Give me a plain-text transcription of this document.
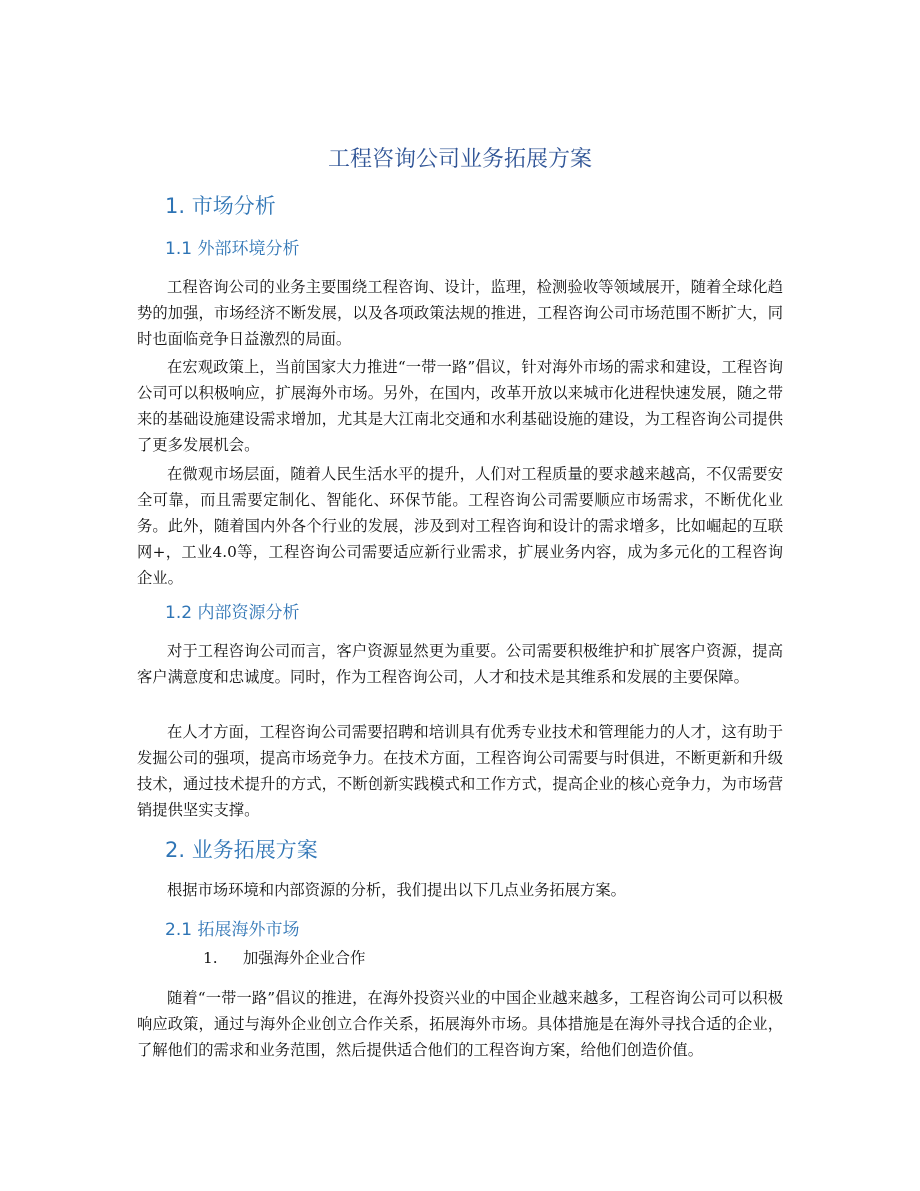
工程咨询公司业务拓展方案
1. 市场分析
1.1 外部环境分析

工程咨询公司的业务主要围绕工程咨询、设计，监理，检测验收等领域展开，随着全球化趋势的加强，市场经济不断发展，以及各项政策法规的推进，工程咨询公司市场范围不断扩大，同时也面临竞争日益激烈的局面。

在宏观政策上，当前国家大力推进“一带一路”倡议，针对海外市场的需求和建设，工程咨询公司可以积极响应，扩展海外市场。另外，在国内，改革开放以来城市化进程快速发展，随之带来的基础设施建设需求增加，尤其是大江南北交通和水利基础设施的建设，为工程咨询公司提供了更多发展机会。

在微观市场层面，随着人民生活水平的提升，人们对工程质量的要求越来越高，不仅需要安全可靠，而且需要定制化、智能化、环保节能。工程咨询公司需要顺应市场需求，不断优化业务。此外，随着国内外各个行业的发展，涉及到对工程咨询和设计的需求增多，比如崛起的互联网+，工业4.0等，工程咨询公司需要适应新行业需求，扩展业务内容，成为多元化的工程咨询企业。

1.2 内部资源分析

对于工程咨询公司而言，客户资源显然更为重要。公司需要积极维护和扩展客户资源，提高客户满意度和忠诚度。同时，作为工程咨询公司，人才和技术是其维系和发展的主要保障。

在人才方面，工程咨询公司需要招聘和培训具有优秀专业技术和管理能力的人才，这有助于发掘公司的强项，提高市场竞争力。在技术方面，工程咨询公司需要与时俱进，不断更新和升级技术，通过技术提升的方式，不断创新实践模式和工作方式，提高企业的核心竞争力，为市场营销提供坚实支撑。

2. 业务拓展方案

根据市场环境和内部资源的分析，我们提出以下几点业务拓展方案。

2.1 拓展海外市场
1. 加强海外企业合作

随着“一带一路”倡议的推进，在海外投资兴业的中国企业越来越多，工程咨询公司可以积极响应政策，通过与海外企业创立合作关系，拓展海外市场。具体措施是在海外寻找合适的企业，了解他们的需求和业务范围，然后提供适合他们的工程咨询方案，给他们创造价值。
